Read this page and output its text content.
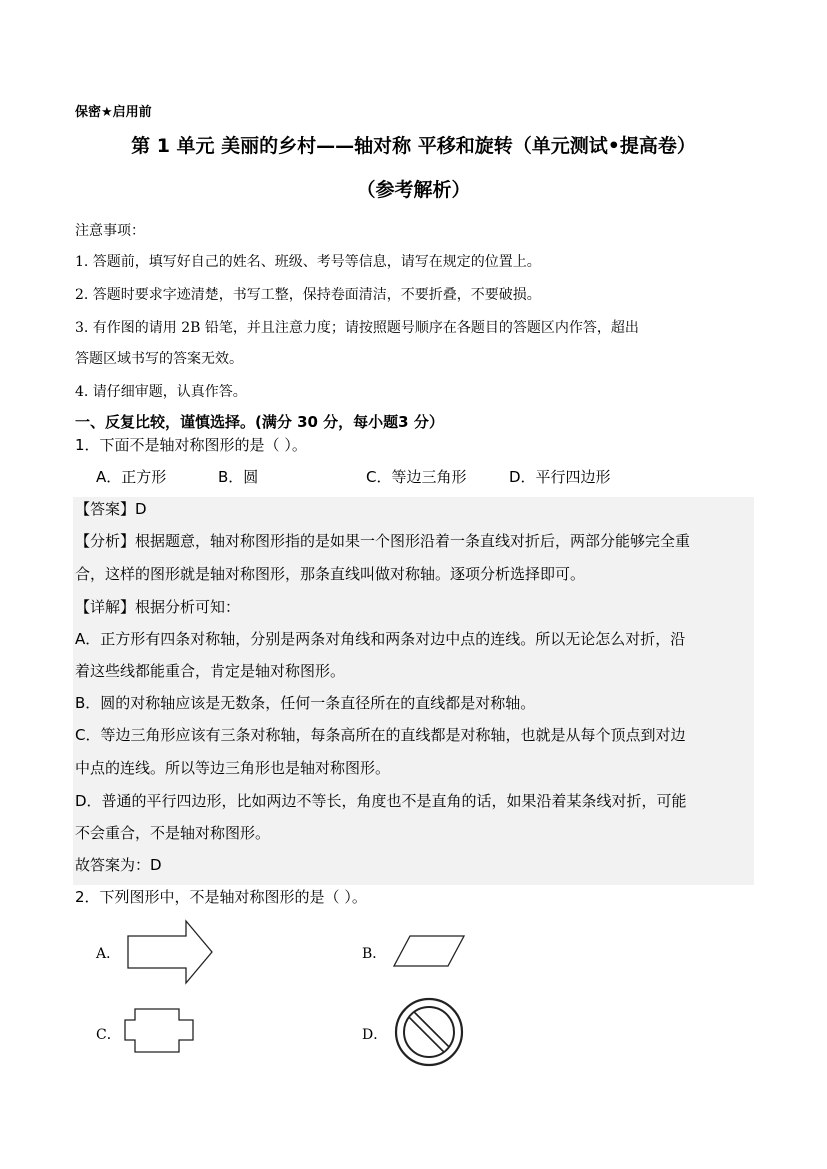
保密★启用前
第 1 单元 美丽的乡村——轴对称 平移和旋转（单元测试•提高卷）
（参考解析）
注意事项：
1. 答题前，填写好自己的姓名、班级、考号等信息，请写在规定的位置上。
2. 答题时要求字迹清楚，书写工整，保持卷面清洁，不要折叠，不要破损。
3. 有作图的请用 2B 铅笔，并且注意力度；请按照题号顺序在各题目的答题区内作答，超出
答题区域书写的答案无效。
4. 请仔细审题，认真作答。
一、反复比较，谨慎选择。(满分 30 分，每小题3 分）
1．下面不是轴对称图形的是（ ）。
A．正方形	B．圆	C．等边三角形	D．平行四边形
【答案】D
【分析】根据题意，轴对称图形指的是如果一个图形沿着一条直线对折后，两部分能够完全重
合，这样的图形就是轴对称图形，那条直线叫做对称轴。逐项分析选择即可。
【详解】根据分析可知：
A．正方形有四条对称轴，分别是两条对角线和两条对边中点的连线。所以无论怎么对折，沿
着这些线都能重合，肯定是轴对称图形。
B．圆的对称轴应该是无数条，任何一条直径所在的直线都是对称轴。
C．等边三角形应该有三条对称轴，每条高所在的直线都是对称轴，也就是从每个顶点到对边
中点的连线。所以等边三角形也是轴对称图形。
D．普通的平行四边形，比如两边不等长，角度也不是直角的话，如果沿着某条线对折，可能
不会重合，不是轴对称图形。
故答案为：D
2．下列图形中，不是轴对称图形的是（ ）。
A．	B．
C．	D．
